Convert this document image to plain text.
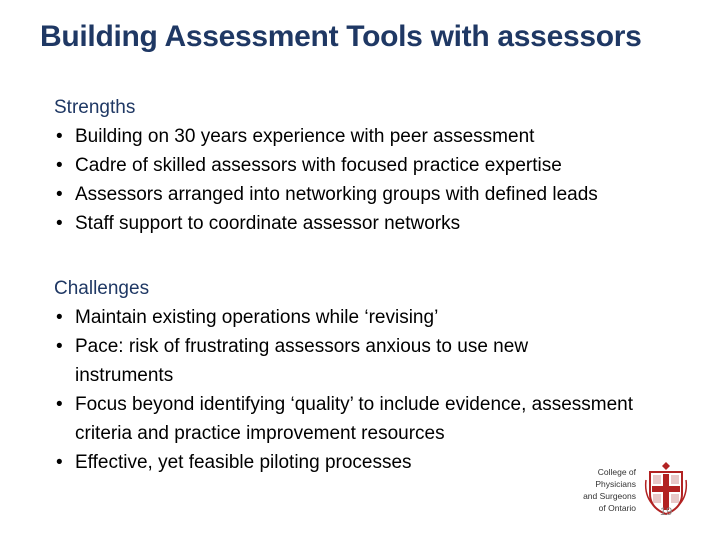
Building Assessment Tools with assessors
Strengths
• Building on 30 years experience with peer assessment
• Cadre of skilled assessors with focused practice expertise
• Assessors arranged into networking groups with defined leads
• Staff support to coordinate assessor networks
Challenges
• Maintain existing operations while ‘revising’
• Pace: risk of frustrating assessors anxious to use new instruments
• Focus beyond identifying ‘quality’ to include evidence, assessment criteria and practice improvement resources
• Effective, yet feasible piloting processes	College of
Physicians
and Surgeons
of Ontario 19
